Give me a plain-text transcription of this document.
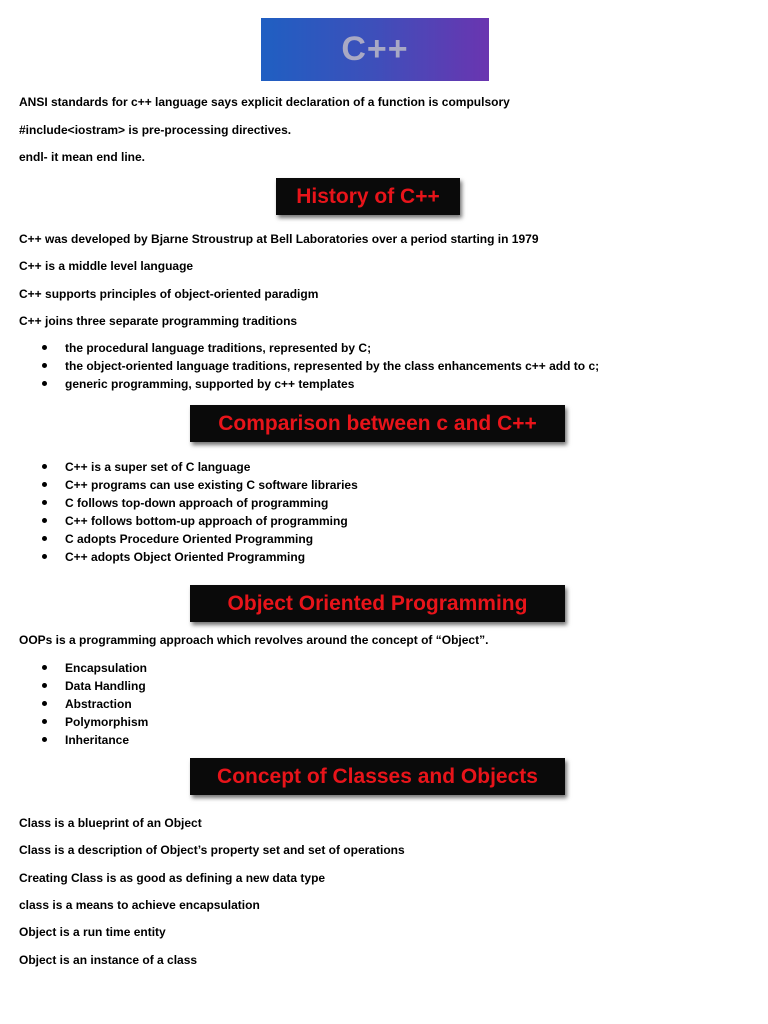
C++
ANSI standards for c++ language says explicit declaration of a function is compulsory
#include<iostram> is pre-processing directives.
endl- it mean end line.
History of C++
C++ was developed by Bjarne Stroustrup at Bell Laboratories over a period starting in 1979
C++ is a middle level language
C++ supports principles of object-oriented paradigm
C++ joins three separate programming traditions
the procedural language traditions, represented by C;
the object-oriented language traditions, represented by the class enhancements c++ add to c;
generic programming, supported by c++ templates
Comparison between c and C++
C++ is a super set of C language
C++ programs can use existing C software libraries
C follows top-down approach of programming
C++ follows bottom-up approach of programming
C adopts Procedure Oriented Programming
C++ adopts Object Oriented Programming
Object Oriented Programming
OOPs is a programming approach which revolves around the concept of “Object”.
Encapsulation
Data Handling
Abstraction
Polymorphism
Inheritance
Concept of Classes and Objects
Class is a blueprint of an Object
Class is a description of Object’s property set and set of operations
Creating Class is as good as defining a new data type
class is a means to achieve encapsulation
Object is a run time entity
Object is an instance of a class
